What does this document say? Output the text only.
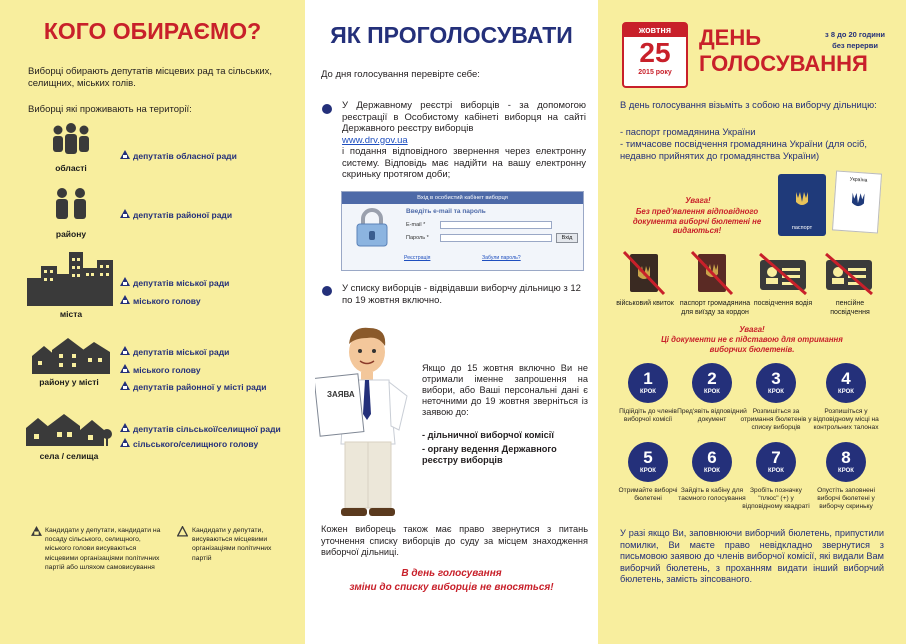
КОГО ОБИРАЄМО?
Виборці обирають депутатів місцевих рад та сільських, селищних, міських голів.
Виборці які проживають на території:
області
депутатів обласної ради
району
депутатів районої ради
міста
депутатів міської ради
міського голову
району у місті
депутатів міської ради
міського голову
депутатів районної у місті ради
села / селища
депутатів сільської/селищної ради
сільського/селищного голову
Кандидати у депутати, кандидати на посаду сільського, селищного, міського голови висуваються місцевими організаціями політичних партій або шляхом самовисування
Кандидати у депутати, висуваються місцевими організаціями політичних партій
ЯК ПРОГОЛОСУВАТИ
До дня голосування перевірте себе:
У Державному реєстрі виборців - за допомогою реєстрації в Особистому кабінеті виборця на сайті Державного реєстру виборців
www.drv.gov.ua
і подання відповідного звернення через електронну систему. Відповідь має надійти на вашу електронну скриньку протягом доби;
Вхід в особистий кабінет виборця
Введіть e-mail та пароль
E-mail *
Пароль *	Вхід
Реєстрація	Забули пароль?
У списку виборців - відвідавши виборчу дільницю з 12 по 19 жовтня включно.
ЗАЯВА
Якщо до 15 жовтня включно Ви не отримали іменне запрошення на вибори, або Ваші персональні дані є неточними до 19 жовтня зверніться із заявою до:
- дільничної виборчої комісії
- органу ведення Державного реєстру виборців
Кожен виборець також має право звернутися з питань уточнення списку виборців до суду за місцем знаходження виборчої дільниці.
В день голосування
зміни до списку виборців не вносяться!
жовтня
25
2015 року
ДЕНЬ
ГОЛОСУВАННЯ
з 8 до 20 години
без перерви
В день голосування візьміть з собою на виборчу дільницю:
- паспорт громадянина України
- тимчасове посвідчення громадянина України (для осіб, недавно прийнятих до громадянства України)
Увага!
Без пред'явлення відповідного документа виборчі бюлетені не видаються!	паспорт
Україна
військовий квиток паспорт громадянина для виїзду за кордон
посвідчення водія	пенсійне посвідчення
Увага!
Ці документи не є підставою для отримання виборчих бюлетенів.
1
КРОК
Підійдіть до членів виборчої комісії
2
КРОК
Пред'явіть відповідний документ
3
КРОК
Розпишіться за отримання бюлетенів у списку виборців
4
КРОК
Розпишіться у відповідному місці на контрольних талонах
5
КРОК
Отримайте виборчі бюлетені
6
КРОК
Зайдіть в кабіну для таємного голосування
7
КРОК
Зробіть позначку "плюс" (+) у відповідному квадраті
8
КРОК
Опустіть заповнені виборчі бюлетені у виборчу скриньку
У разі якщо Ви, заповнюючи виборчий бюлетень, припустили помилки, Ви маєте право невідкладно звернутися з письмовою заявою до членів виборчої комісії, які видали Вам виборчий бюлетень, з проханням видати інший виборчий бюлетень, замість зіпсованого.
